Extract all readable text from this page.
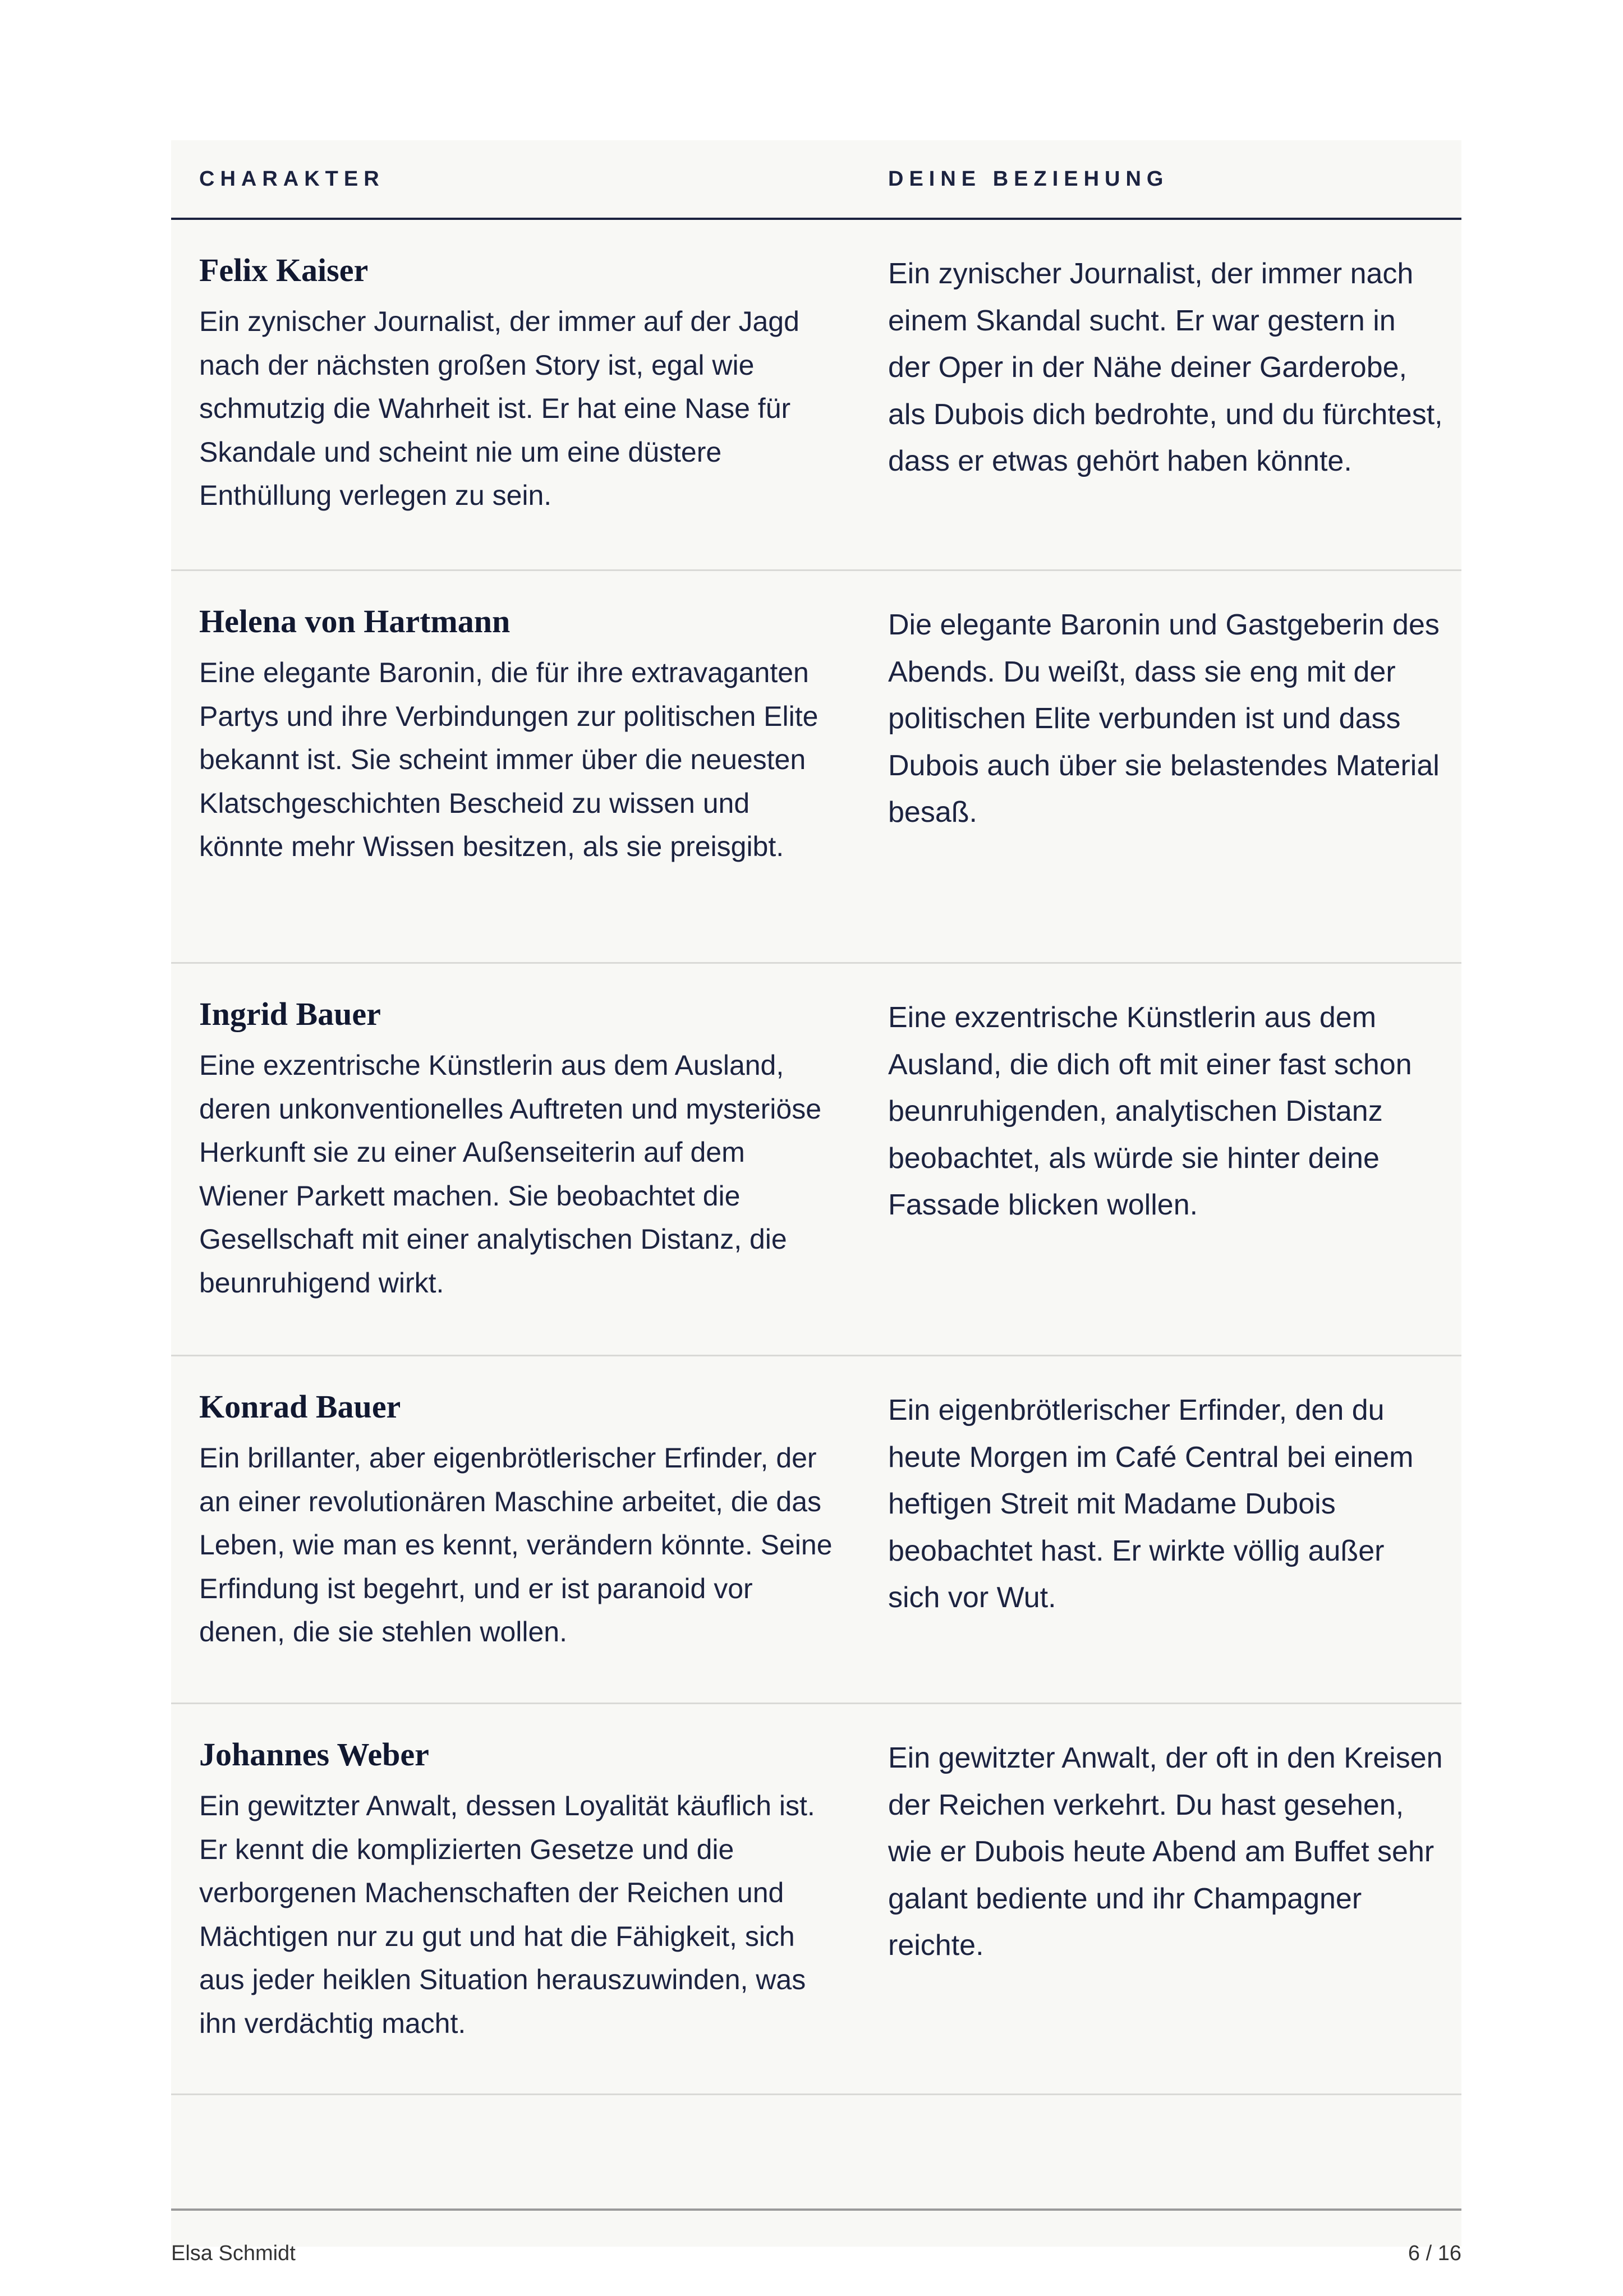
CHARAKTER	DEINE BEZIEHUNG
Felix Kaiser

Ein zynischer Journalist, der immer auf der Jagd nach der nächsten großen Story ist, egal wie schmutzig die Wahrheit ist. Er hat eine Nase für Skandale und scheint nie um eine düstere Enthüllung verlegen zu sein.

Ein zynischer Journalist, der immer nach einem Skandal sucht. Er war gestern in der Oper in der Nähe deiner Garderobe, als Dubois dich bedrohte, und du fürchtest, dass er etwas gehört haben könnte.

Helena von Hartmann

Eine elegante Baronin, die für ihre extravaganten Partys und ihre Verbindungen zur politischen Elite bekannt ist. Sie scheint immer über die neuesten Klatschgeschichten Bescheid zu wissen und könnte mehr Wissen besitzen, als sie preisgibt.

Die elegante Baronin und Gastgeberin des Abends. Du weißt, dass sie eng mit der politischen Elite verbunden ist und dass Dubois auch über sie belastendes Material besaß.

Ingrid Bauer

Eine exzentrische Künstlerin aus dem Ausland, deren unkonventionelles Auftreten und mysteriöse Herkunft sie zu einer Außenseiterin auf dem Wiener Parkett machen. Sie beobachtet die Gesellschaft mit einer analytischen Distanz, die beunruhigend wirkt.

Eine exzentrische Künstlerin aus dem Ausland, die dich oft mit einer fast schon beunruhigenden, analytischen Distanz beobachtet, als würde sie hinter deine Fassade blicken wollen.

Konrad Bauer

Ein brillanter, aber eigenbrötlerischer Erfinder, der an einer revolutionären Maschine arbeitet, die das Leben, wie man es kennt, verändern könnte. Seine Erfindung ist begehrt, und er ist paranoid vor denen, die sie stehlen wollen.

Ein eigenbrötlerischer Erfinder, den du heute Morgen im Café Central bei einem heftigen Streit mit Madame Dubois beobachtet hast. Er wirkte völlig außer sich vor Wut.

Johannes Weber

Ein gewitzter Anwalt, dessen Loyalität käuflich ist. Er kennt die komplizierten Gesetze und die verborgenen Machenschaften der Reichen und Mächtigen nur zu gut und hat die Fähigkeit, sich aus jeder heiklen Situation herauszuwinden, was ihn verdächtig macht.

Ein gewitzter Anwalt, der oft in den Kreisen der Reichen verkehrt. Du hast gesehen, wie er Dubois heute Abend am Buffet sehr galant bediente und ihr Champagner reichte.

Elsa Schmidt	6 / 16
